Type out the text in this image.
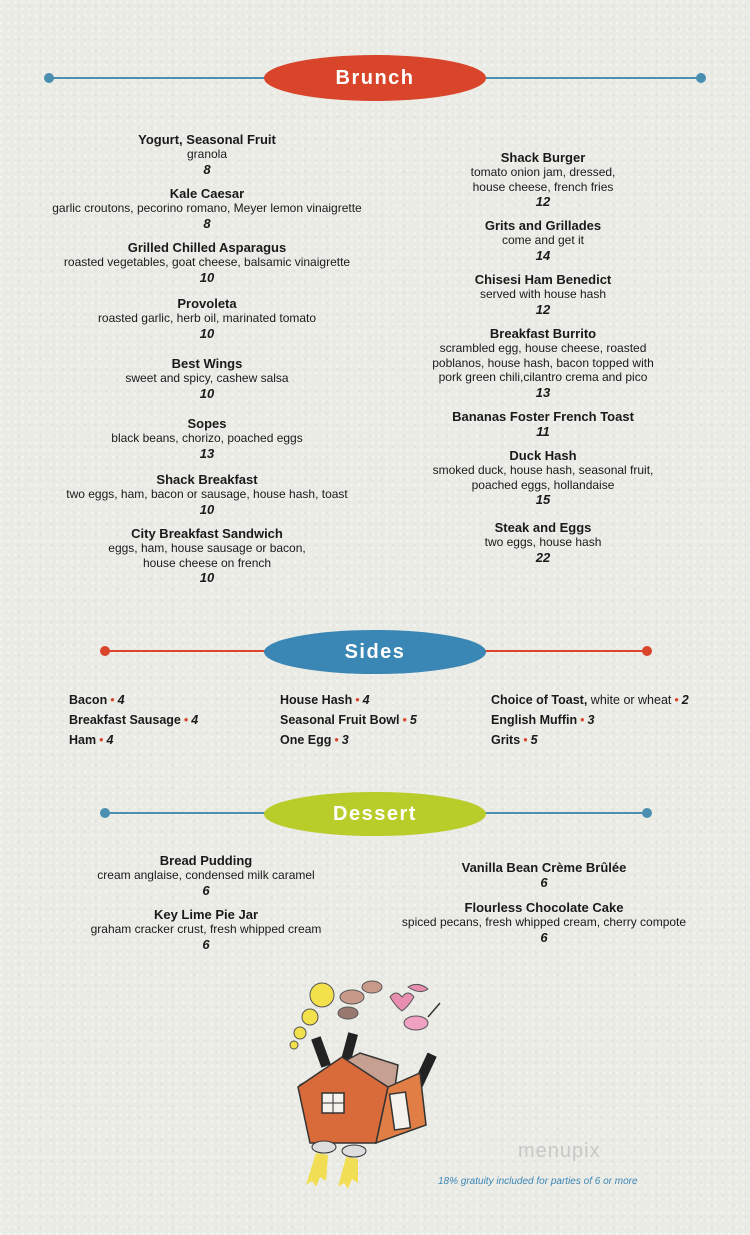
Brunch
Yogurt, Seasonal Fruit
granola
8
Kale Caesar
garlic croutons, pecorino romano, Meyer lemon vinaigrette
8
Grilled Chilled Asparagus
roasted vegetables, goat cheese, balsamic vinaigrette
10
Provoleta
roasted garlic, herb oil, marinated tomato
10
Best Wings
sweet and spicy, cashew salsa
10
Sopes
black beans, chorizo, poached eggs
13
Shack Breakfast
two eggs, ham, bacon or sausage, house hash, toast
10
City Breakfast Sandwich
eggs, ham, house sausage or bacon,
house cheese on french
10
Shack Burger
tomato onion jam, dressed,
house cheese, french fries
12
Grits and Grillades
come and get it
14
Chisesi Ham Benedict
served with house hash
12
Breakfast Burrito
scrambled egg, house cheese, roasted
poblanos, house hash, bacon topped with
pork green chili,cilantro crema and pico
13
Bananas Foster French Toast
11
Duck Hash
smoked duck, house hash, seasonal fruit,
poached eggs, hollandaise
15
Steak and Eggs
two eggs, house hash
22
Sides
Bacon • 4
Breakfast Sausage • 4
Ham • 4
House Hash • 4
Seasonal Fruit Bowl • 5
One Egg • 3
Choice of Toast, white or wheat • 2
English Muffin • 3
Grits • 5
Dessert
Bread Pudding
cream anglaise, condensed milk caramel
6
Key Lime Pie Jar
graham cracker crust, fresh whipped cream
6
Vanilla Bean Crème Brûlée
6
Flourless Chocolate Cake
spiced pecans, fresh whipped cream, cherry compote
6
menupix
18% gratuity included for parties of 6 or more
